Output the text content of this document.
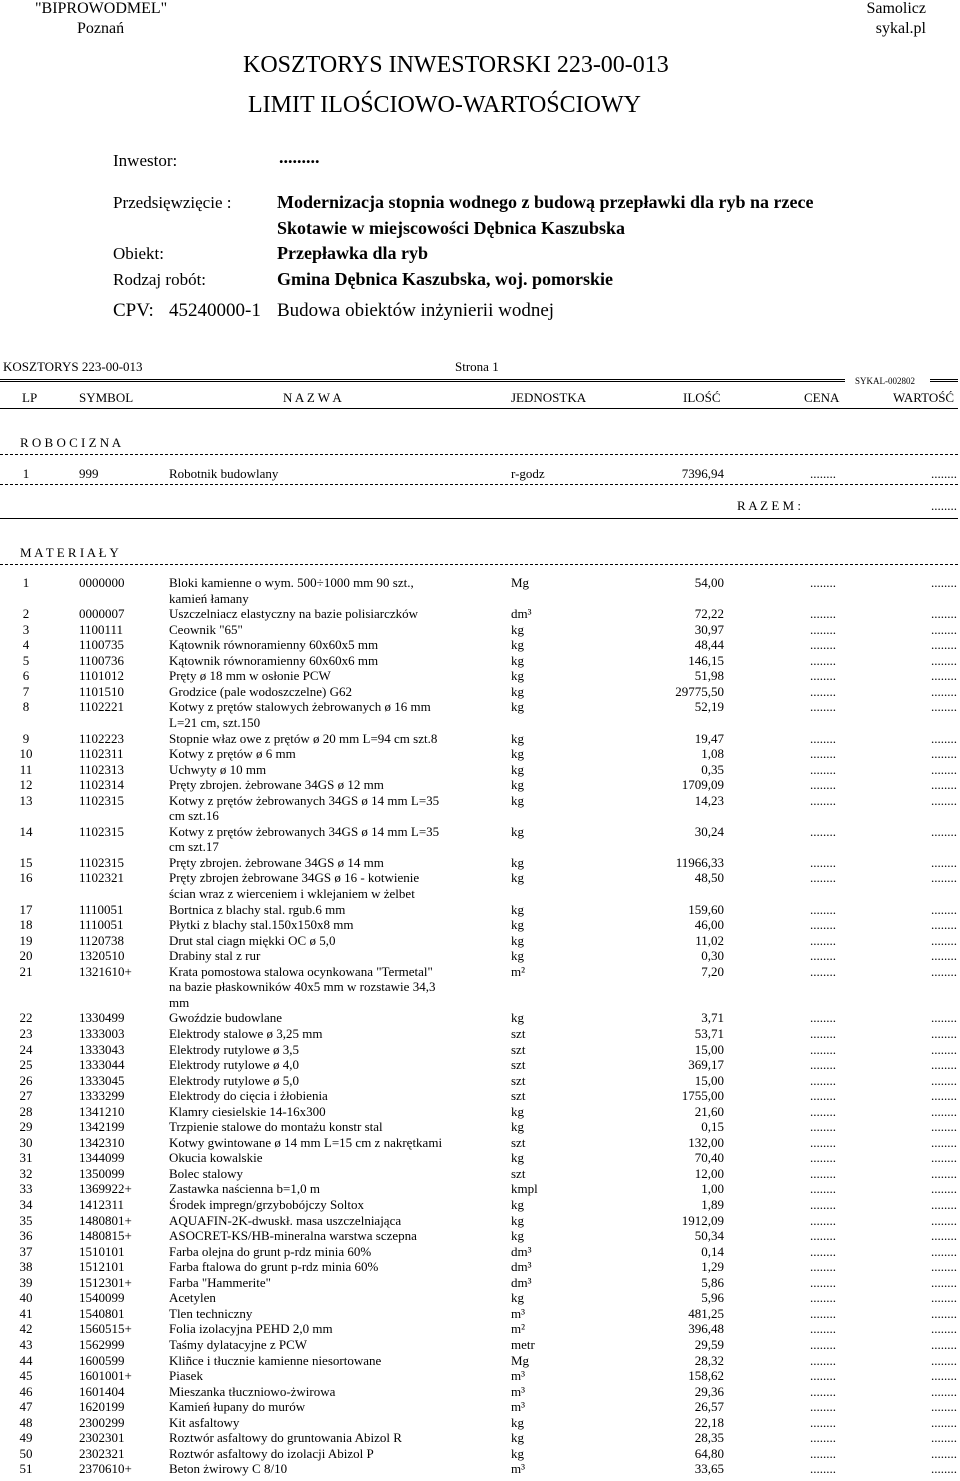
"BIPROWODMEL"
Poznań
Samolicz
sykal.pl
KOSZTORYS INWESTORSKI 223-00-013
LIMIT ILOŚCIOWO-WARTOŚCIOWY
Inwestor:	.........
Przedsięwzięcie :	Modernizacja stopnia wodnego z budową przepławki dla ryb na rzece
Skotawie w miejscowości Dębnica Kaszubska
Obiekt:	Przepławka dla ryb
Rodzaj robót:	Gmina Dębnica Kaszubska, woj. pomorskie
CPV: 45240000-1 Budowa obiektów inżynierii wodnej
KOSZTORYS 223-00-013	Strona 1
SYKAL-002802
LP	SYMBOL	N A Z W A	JEDNOSTKA	ILOŚĆ	CENA	WARTOŚĆ
R O B O C I Z N A
1	999	Robotnik budowlany	r-godz	7396,94	........	........
R A Z E M :	........
M A T E R I A Ł Y
1	0000000	Bloki kamienne o wym. 500÷1000 mm 90 szt.,	Mg	54,00	........	........
kamień łamany
2	0000007	Uszczelniacz elastyczny na bazie polisiarczków	dm³	72,22	........	........
3	1100111	Ceownik "65"	kg	30,97	........	........
4	1100735	Kątownik równoramienny 60x60x5 mm	kg	48,44	........	........
5	1100736	Kątownik równoramienny 60x60x6 mm	kg	146,15	........	........
6	1101012	Pręty ø 18 mm w osłonie PCW	kg	51,98	........	........
7	1101510	Grodzice (pale wodoszczelne) G62	kg	29775,50	........	........
8	1102221	Kotwy z prętów stalowych żebrowanych ø 16 mm	kg	52,19	........	........
L=21 cm, szt.150
9	1102223	Stopnie właz owe z prętów ø 20 mm L=94 cm szt.8	kg	19,47	........	........
10	1102311	Kotwy z prętów ø 6 mm	kg	1,08	........	........
11	1102313	Uchwyty ø 10 mm	kg	0,35	........	........
12	1102314	Pręty zbrojen. żebrowane 34GS ø 12 mm	kg	1709,09	........	........
13	1102315	Kotwy z prętów żebrowanych 34GS ø 14 mm L=35	kg	14,23	........	........
cm szt.16
14	1102315	Kotwy z prętów żebrowanych 34GS ø 14 mm L=35	kg	30,24	........	........
cm szt.17
15	1102315	Pręty zbrojen. żebrowane 34GS ø 14 mm	kg	11966,33	........	........
16	1102321	Pręty zbrojen żebrowane 34GS ø 16 - kotwienie	kg	48,50	........	........
ścian wraz z wierceniem i wklejaniem w żelbet
17	1110051	Bortnica z blachy stal. rgub.6 mm	kg	159,60	........	........
18	1110051	Płytki z blachy stal.150x150x8 mm	kg	46,00	........	........
19	1120738	Drut stal ciagn miękki OC ø 5,0	kg	11,02	........	........
20	1320510	Drabiny stal z rur	kg	0,30	........	........
21	1321610+	Krata pomostowa stalowa ocynkowana "Termetal"	m²	7,20	........	........
na bazie płaskowników 40x5 mm w rozstawie 34,3
mm
22	1330499	Gwoździe budowlane	kg	3,71	........	........
23	1333003	Elektrody stalowe ø 3,25 mm	szt	53,71	........	........
24	1333043	Elektrody rutylowe ø 3,5	szt	15,00	........	........
25	1333044	Elektrody rutylowe ø 4,0	szt	369,17	........	........
26	1333045	Elektrody rutylowe ø 5,0	szt	15,00	........	........
27	1333299	Elektrody do cięcia i żłobienia	szt	1755,00	........	........
28	1341210	Klamry ciesielskie 14-16x300	kg	21,60	........	........
29	1342199	Trzpienie stalowe do montażu konstr stal	kg	0,15	........	........
30	1342310	Kotwy gwintowane ø 14 mm L=15 cm z nakrętkami	szt	132,00	........	........
31	1344099	Okucia kowalskie	kg	70,40	........	........
32	1350099	Bolec stalowy	szt	12,00	........	........
33	1369922+	Zastawka naścienna b=1,0 m	kmpl	1,00	........	........
34	1412311	Środek impregn/grzybobójczy Soltox	kg	1,89	........	........
35	1480801+	AQUAFIN-2K-dwuskł. masa uszczelniająca	kg	1912,09	........	........
36	1480815+	ASOCRET-KS/HB-mineralna warstwa sczepna	kg	50,34	........	........
37	1510101	Farba olejna do grunt p-rdz minia 60%	dm³	0,14	........	........
38	1512101	Farba ftalowa do grunt p-rdz minia 60%	dm³	1,29	........	........
39	1512301+	Farba "Hammerite"	dm³	5,86	........	........
40	1540099	Acetylen	kg	5,96	........	........
41	1540801	Tlen techniczny	m³	481,25	........	........
42	1560515+	Folia izolacyjna PEHD 2,0 mm	m²	396,48	........	........
43	1562999	Taśmy dylatacyjne z PCW	metr	29,59	........	........
44	1600599	Kliñce i tłucznie kamienne niesortowane	Mg	28,32	........	........
45	1601001+	Piasek	m³	158,62	........	........
46	1601404	Mieszanka tłuczniowo-żwirowa	m³	29,36	........	........
47	1620199	Kamień łupany do murów	m³	26,57	........	........
48	2300299	Kit asfaltowy	kg	22,18	........	........
49	2302301	Roztwór asfaltowy do gruntowania Abizol R	kg	28,35	........	........
50	2302321	Roztwór asfaltowy do izolacji Abizol P	kg	64,80	........	........
51	2370610+	Beton żwirowy C 8/10	m³	33,65	........	........
